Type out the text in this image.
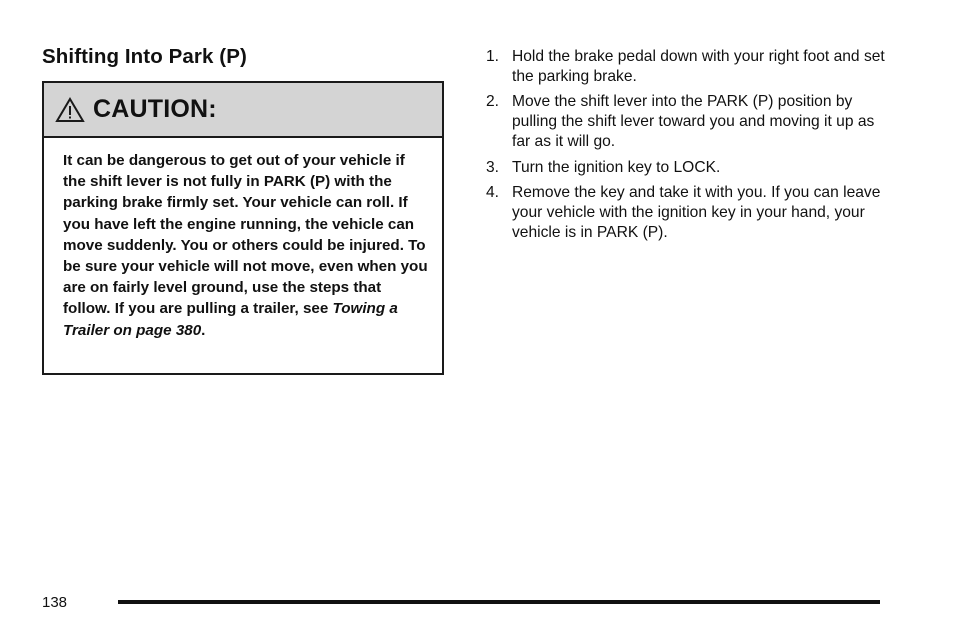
Shifting Into Park (P)
CAUTION:
It can be dangerous to get out of your vehicle if the shift lever is not fully in PARK (P) with the parking brake firmly set. Your vehicle can roll. If you have left the engine running, the vehicle can move suddenly. You or others could be injured. To be sure your vehicle will not move, even when you are on fairly level ground, use the steps that follow. If you are pulling a trailer, see Towing a Trailer on page 380.
1. Hold the brake pedal down with your right foot and set the parking brake.
2. Move the shift lever into the PARK (P) position by pulling the shift lever toward you and moving it up as far as it will go.
3. Turn the ignition key to LOCK.
4. Remove the key and take it with you. If you can leave your vehicle with the ignition key in your hand, your vehicle is in PARK (P).
138
